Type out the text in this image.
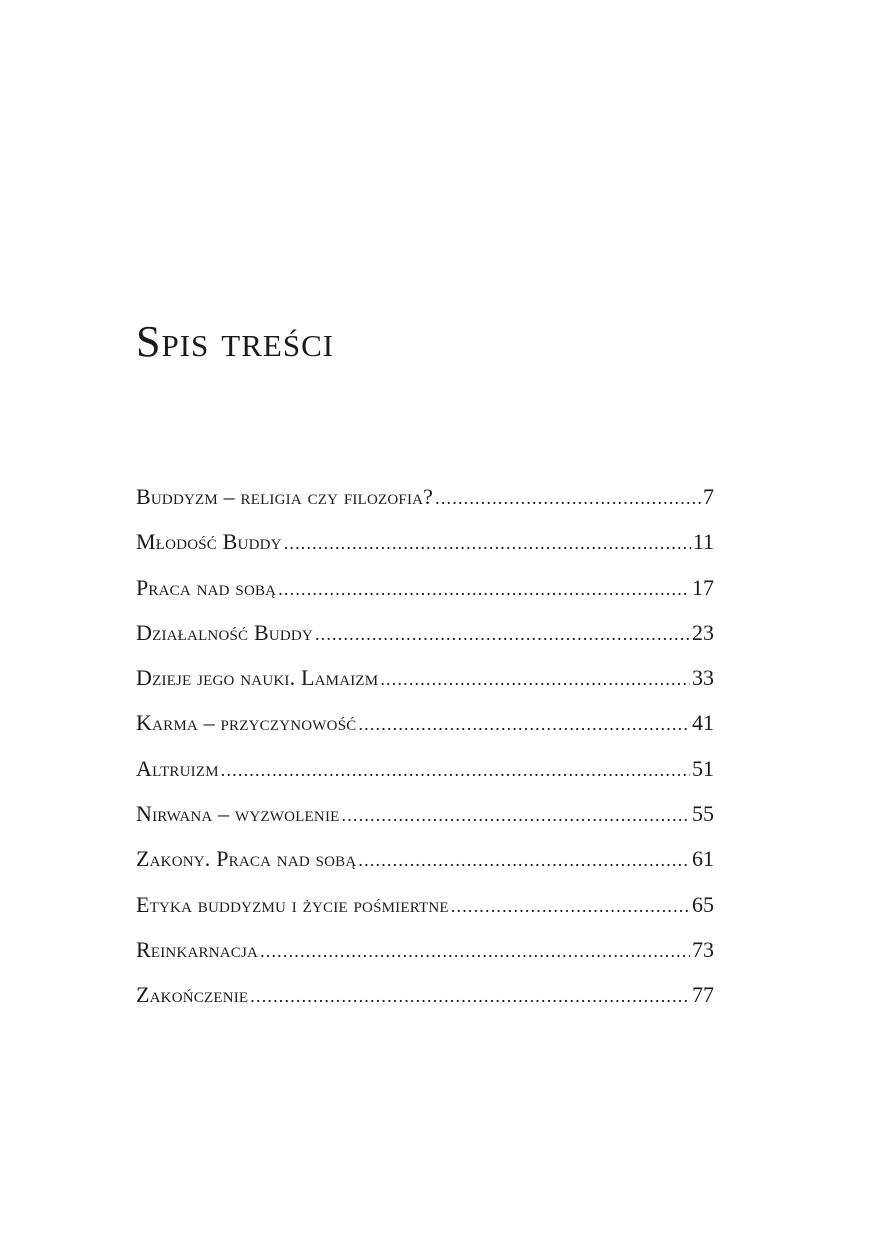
Spis treści
Buddyzm – religia czy filozofia? .....	7
Młodość Buddy .....	11
Praca nad sobą .....	17
Działalność Buddy .....	23
Dzieje jego nauki. Lamaizm .....	33
Karma – przyczynowość .....	41
Altruizm .....	51
Nirwana – wyzwolenie .....	55
Zakony. Praca nad sobą .....	61
Etyka buddyzmu i życie pośmiertne .....	65
Reinkarnacja .....	73
Zakończenie .....	77
